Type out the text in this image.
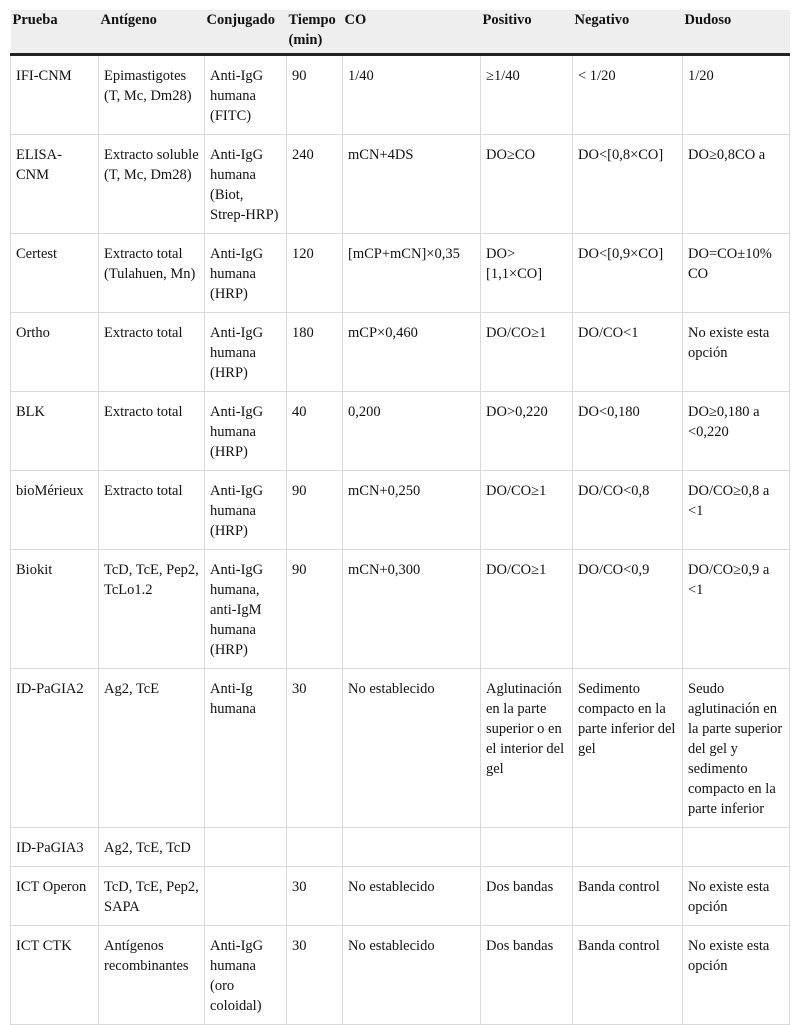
Prueba	Antígeno	Conjugado	Tiempo (min)	CO	Positivo	Negativo	Dudoso
IFI-CNM	Epimastigotes (T, Mc, Dm28)	Anti-IgG humana (FITC)	90	1/40	≥1/40	< 1/20	1/20
ELISA-CNM	Extracto soluble (T, Mc, Dm28)	Anti-IgG humana (Biot, Strep-HRP)	240	mCN+4DS	DO≥CO	DO<[0,8×CO]	DO≥0,8CO a
Certest	Extracto total (Tulahuen, Mn)	Anti-IgG humana (HRP)	120	[mCP+mCN]×0,35	DO>[1,1×CO]	DO<[0,9×CO]	DO=CO±10% CO
Ortho	Extracto total	Anti-IgG humana (HRP)	180	mCP×0,460	DO/CO≥1	DO/CO<1	No existe esta opción
BLK	Extracto total	Anti-IgG humana (HRP)	40	0,200	DO>0,220	DO<0,180	DO≥0,180 a <0,220
bioMérieux	Extracto total	Anti-IgG humana (HRP)	90	mCN+0,250	DO/CO≥1	DO/CO<0,8	DO/CO≥0,8 a <1
Biokit	TcD, TcE, Pep2, TcLo1.2	Anti-IgG humana, anti-IgM humana (HRP)	90	mCN+0,300	DO/CO≥1	DO/CO<0,9	DO/CO≥0,9 a <1
ID-PaGIA2	Ag2, TcE	Anti-Ig humana	30	No establecido	Aglutinación en la parte superior o en el interior del gel	Sedimento compacto en la parte inferior del gel	Seudo aglutinación en la parte superior del gel y sedimento compacto en la parte inferior
ID-PaGIA3	Ag2, TcE, TcD						
ICT Operon	TcD, TcE, Pep2, SAPA		30	No establecido	Dos bandas	Banda control	No existe esta opción
ICT CTK	Antígenos recombinantes	Anti-IgG humana (oro coloidal)	30	No establecido	Dos bandas	Banda control	No existe esta opción
